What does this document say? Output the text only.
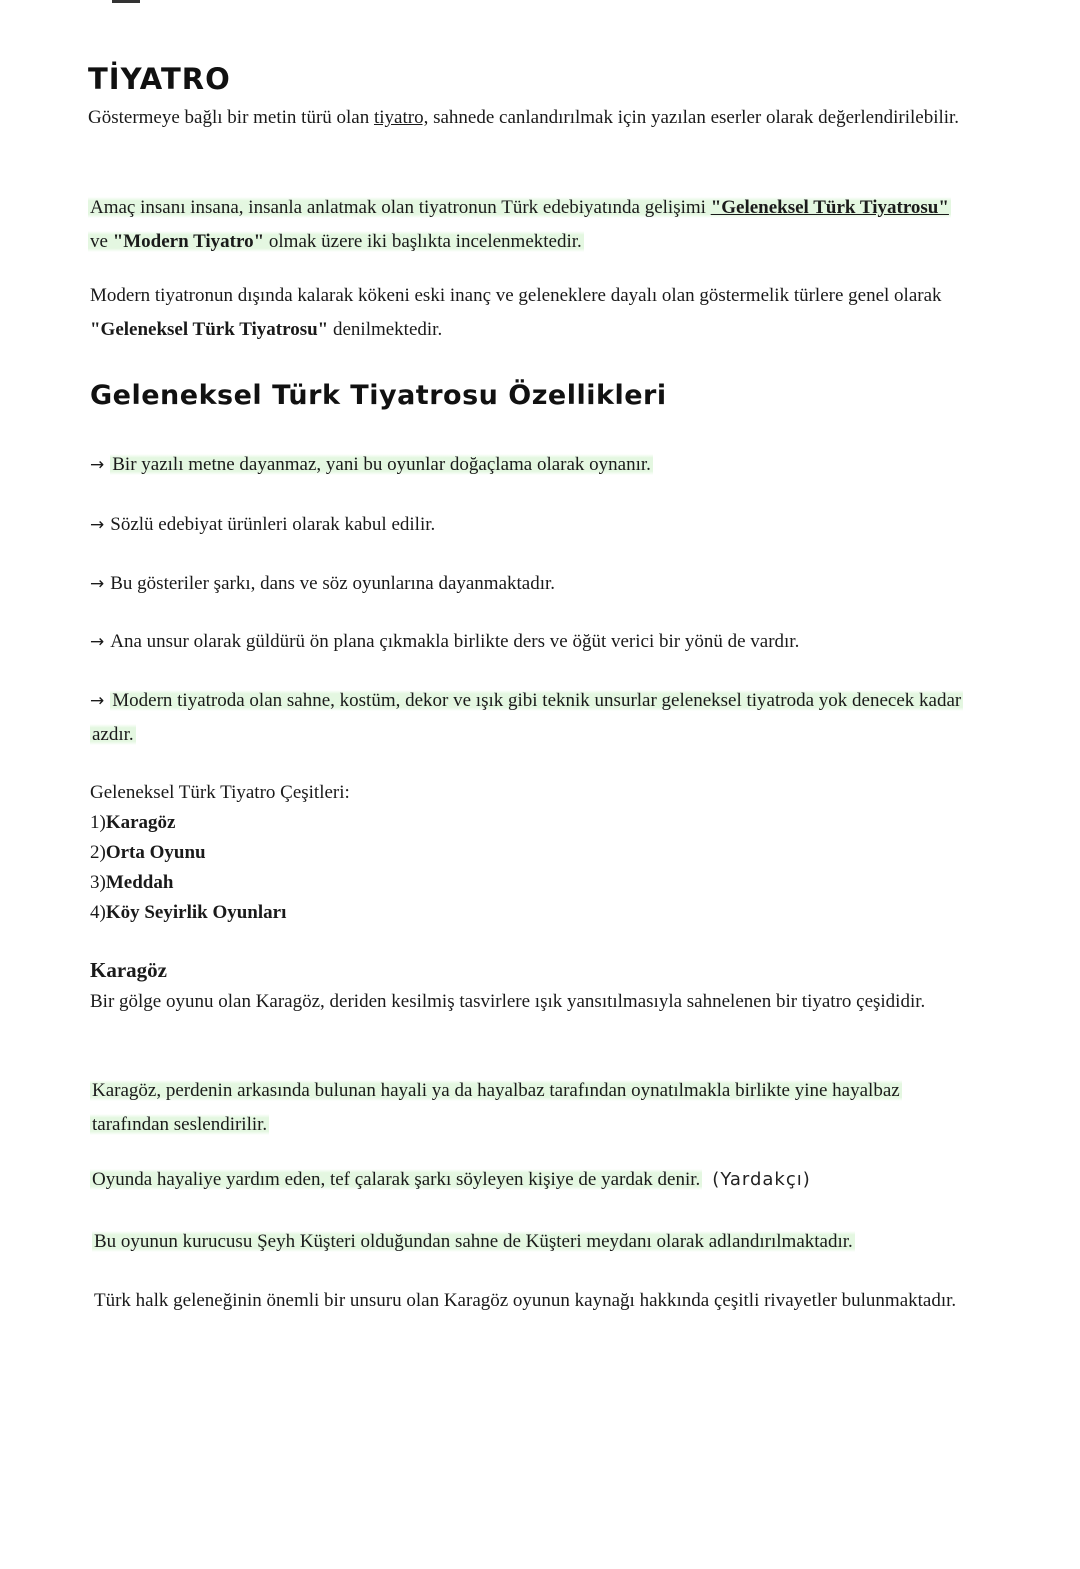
TİYATRO

Göstermeye bağlı bir metin türü olan tiyatro, sahnede canlandırılmak için yazılan eserler olarak değerlendirilebilir.

Amaç insanı insana, insanla anlatmak olan tiyatronun Türk edebiyatında gelişimi "Geleneksel Türk Tiyatrosu" ve "Modern Tiyatro" olmak üzere iki başlıkta incelenmektedir.

Modern tiyatronun dışında kalarak kökeni eski inanç ve geleneklere dayalı olan göstermelik türlere genel olarak "Geleneksel Türk Tiyatrosu" denilmektedir.

Geleneksel Türk Tiyatrosu Özellikleri
→ Bir yazılı metne dayanmaz, yani bu oyunlar doğaçlama olarak oynanır.
→ Sözlü edebiyat ürünleri olarak kabul edilir.
→ Bu gösteriler şarkı, dans ve söz oyunlarına dayanmaktadır.
→ Ana unsur olarak güldürü ön plana çıkmakla birlikte ders ve öğüt verici bir yönü de vardır.
→ Modern tiyatroda olan sahne, kostüm, dekor ve ışık gibi teknik unsurlar geleneksel tiyatroda yok denecek kadar azdır.
Geleneksel Türk Tiyatro Çeşitleri:
1)Karagöz
2)Orta Oyunu
3)Meddah
4)Köy Seyirlik Oyunları
Karagöz

Bir gölge oyunu olan Karagöz, deriden kesilmiş tasvirlere ışık yansıtılmasıyla sahnelenen bir tiyatro çeşididir.

Karagöz, perdenin arkasında bulunan hayali ya da hayalbaz tarafından oynatılmakla birlikte yine hayalbaz tarafından seslendirilir.

Oyunda hayaliye yardım eden, tef çalarak şarkı söyleyen kişiye de yardak denir. (Yardakçı)

Bu oyunun kurucusu Şeyh Küşteri olduğundan sahne de Küşteri meydanı olarak adlandırılmaktadır.

Türk halk geleneğinin önemli bir unsuru olan Karagöz oyunun kaynağı hakkında çeşitli rivayetler bulunmaktadır.
